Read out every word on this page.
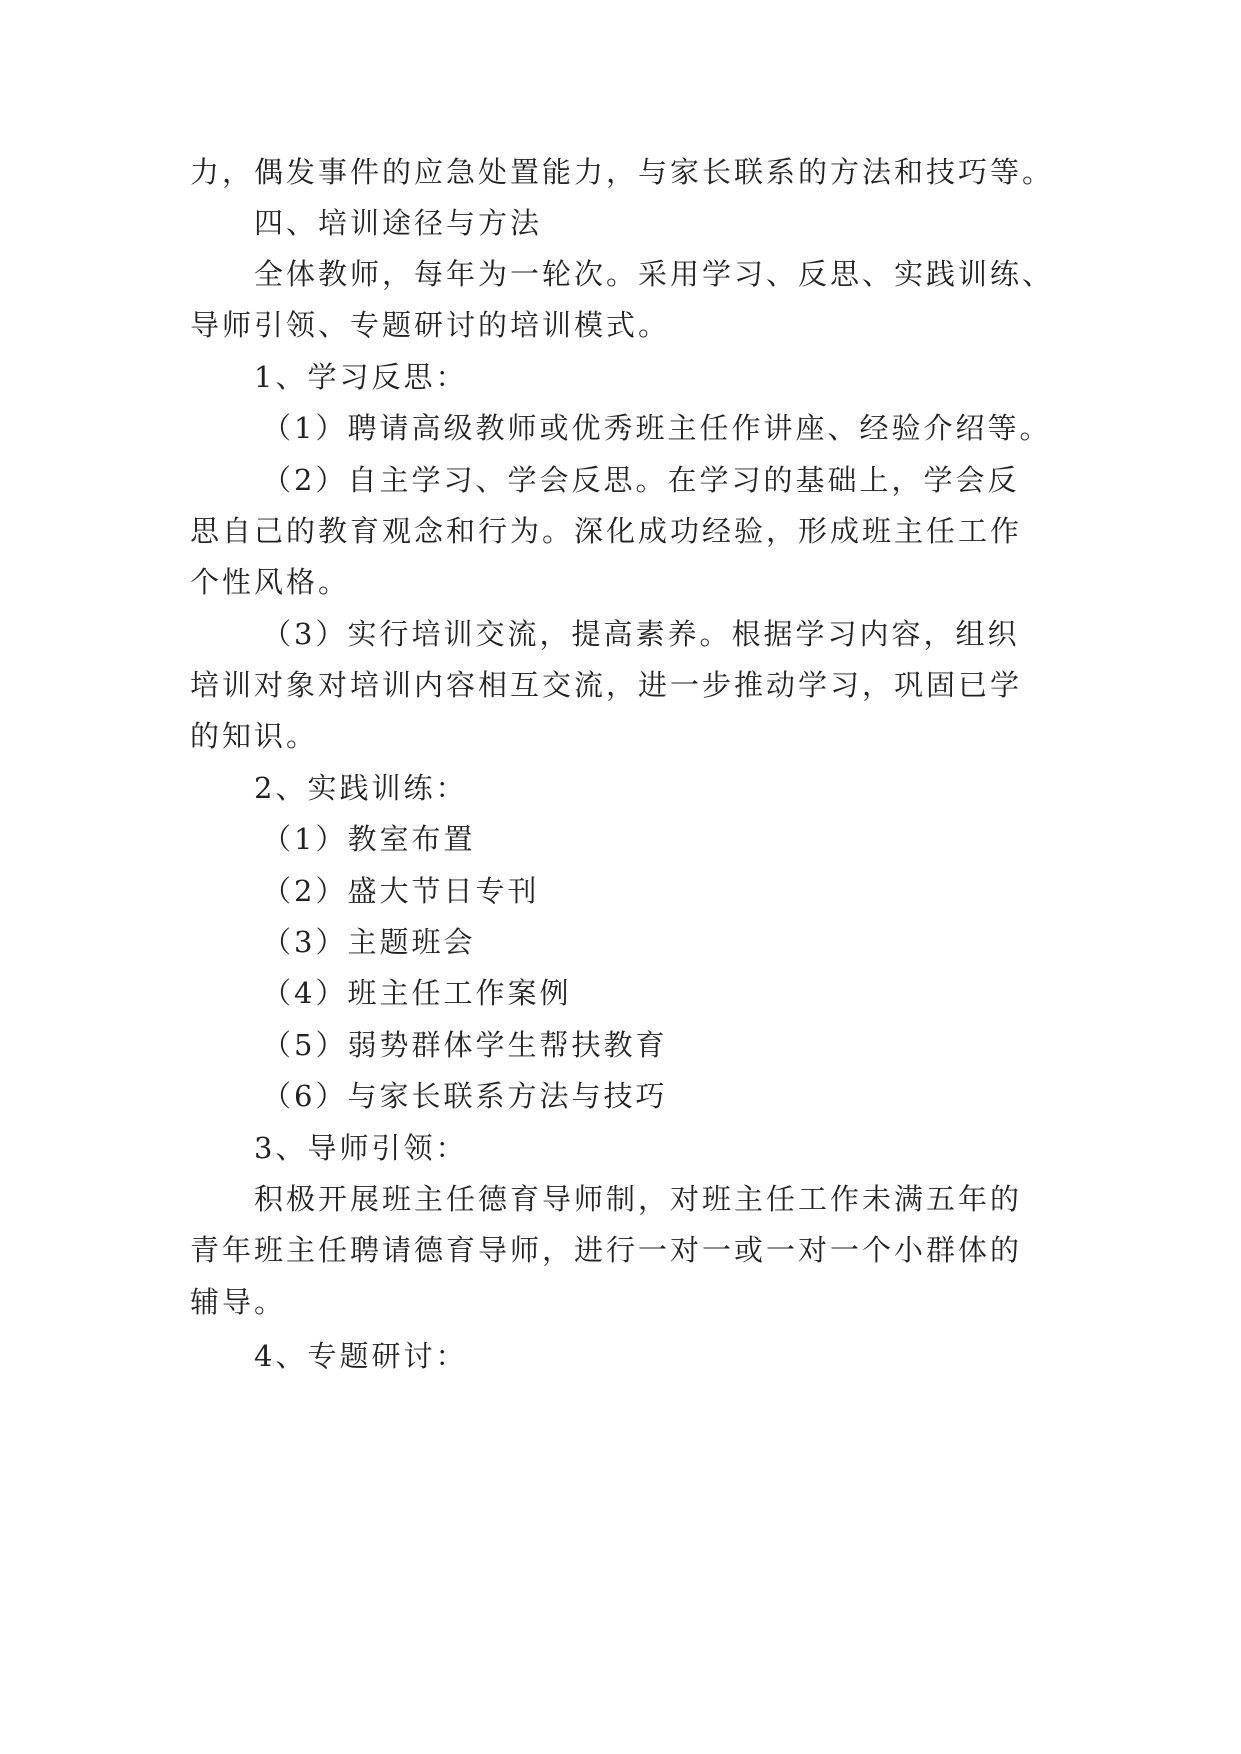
力，偶发事件的应急处置能力，与家长联系的方法和技巧等。
四、培训途径与方法
全体教师，每年为一轮次。采用学习、反思、实践训练、
导师引领、专题研讨的培训模式。
1、学习反思：
（1）聘请高级教师或优秀班主任作讲座、经验介绍等。
（2）自主学习、学会反思。在学习的基础上，学会反
思自己的教育观念和行为。深化成功经验，形成班主任工作
个性风格。
（3）实行培训交流，提高素养。根据学习内容，组织
培训对象对培训内容相互交流，进一步推动学习，巩固已学
的知识。
2、实践训练：
（1）教室布置
（2）盛大节日专刊
（3）主题班会
（4）班主任工作案例
（5）弱势群体学生帮扶教育
（6）与家长联系方法与技巧
3、导师引领：
积极开展班主任德育导师制，对班主任工作未满五年的
青年班主任聘请德育导师，进行一对一或一对一个小群体的
辅导。
4、专题研讨：
